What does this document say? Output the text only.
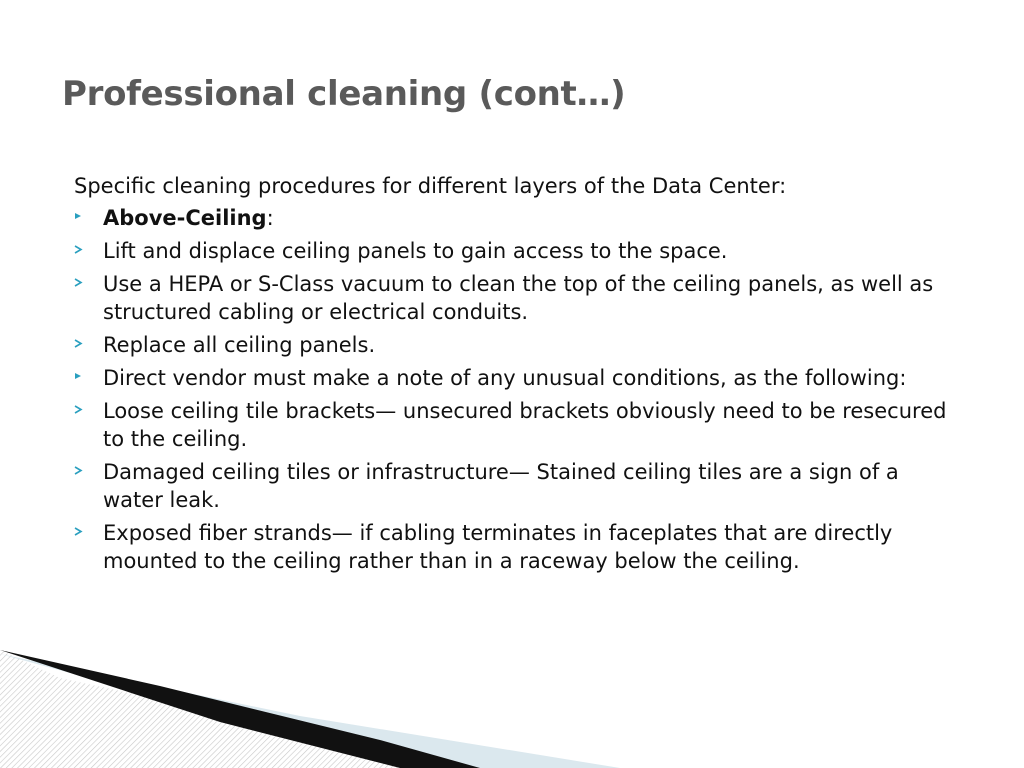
Professional cleaning (cont…)

Specific cleaning procedures for different layers of the Data Center:

Above-Ceiling:
Lift and displace ceiling panels to gain access to the space.
Use a HEPA or S-Class vacuum to clean the top of the ceiling panels, as well as structured cabling or electrical conduits.
Replace all ceiling panels.
Direct vendor must make a note of any unusual conditions, as the following:
Loose ceiling tile brackets— unsecured brackets obviously need to be resecured to the ceiling.
Damaged ceiling tiles or infrastructure— Stained ceiling tiles are a sign of a water leak.
Exposed fiber strands— if cabling terminates in faceplates that are directly mounted to the ceiling rather than in a raceway below the ceiling.
